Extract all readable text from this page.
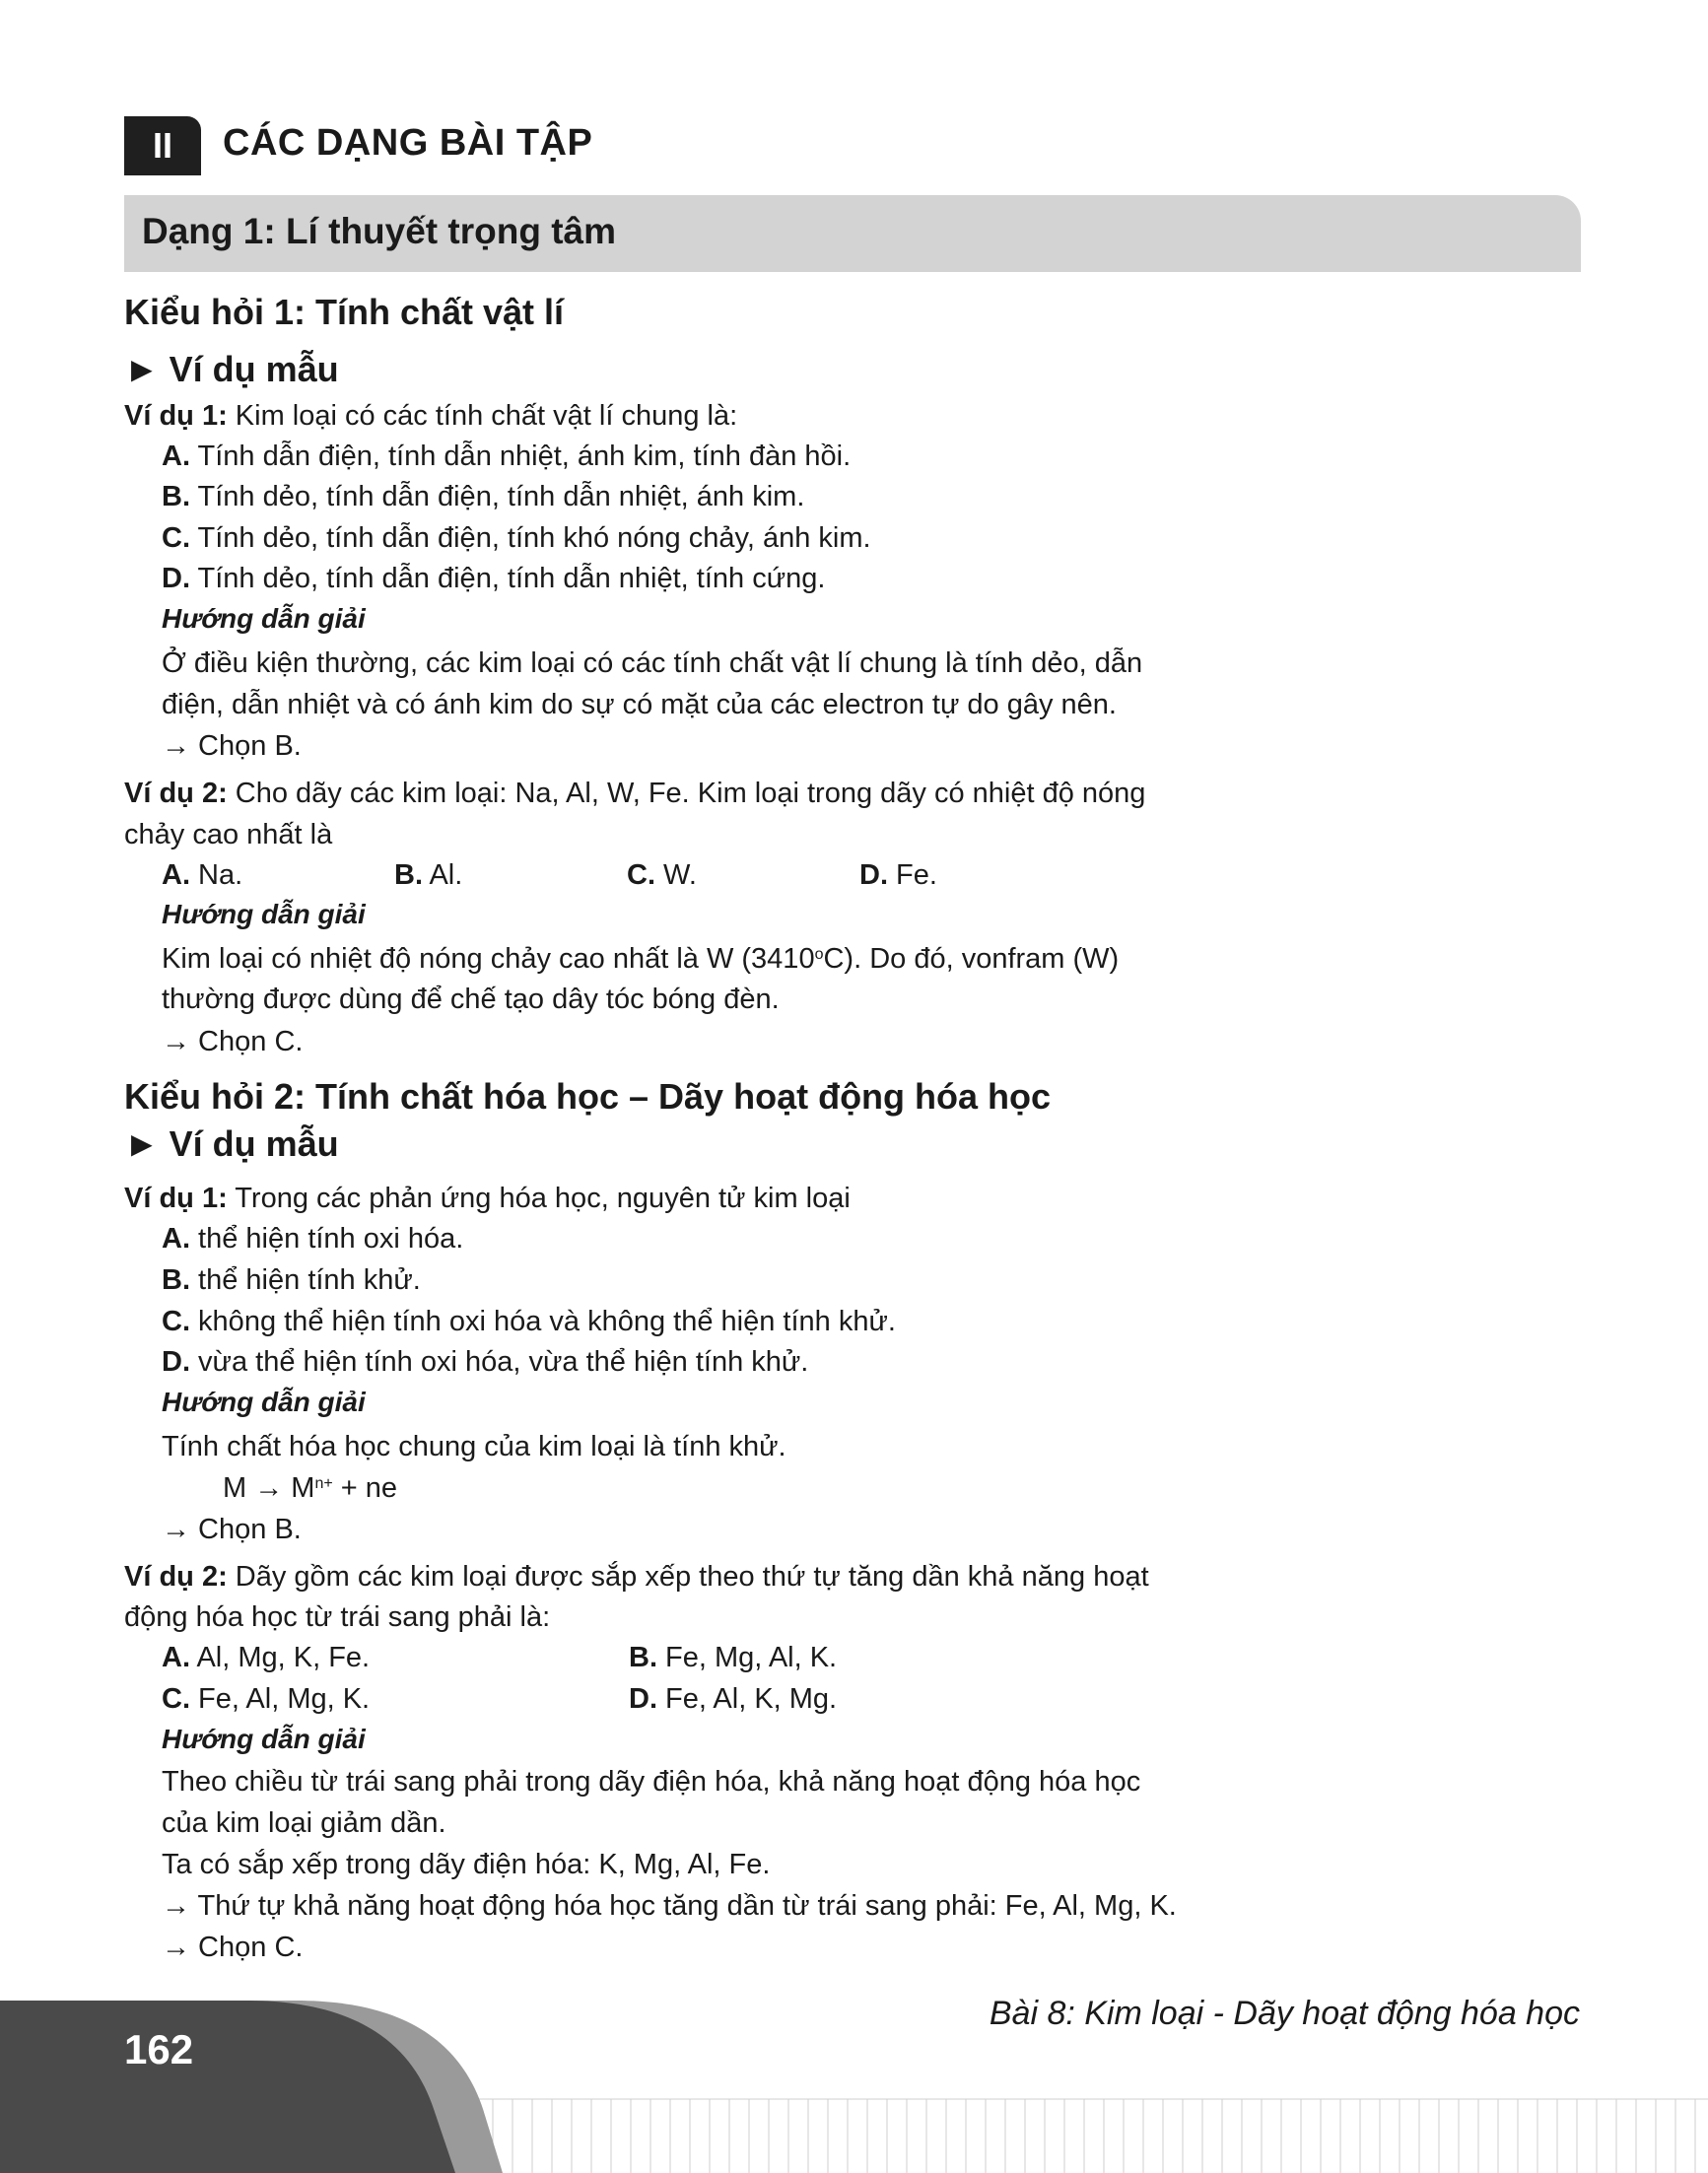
II	CÁC DẠNG BÀI TẬP
Dạng 1: Lí thuyết trọng tâm
Kiểu hỏi 1: Tính chất vật lí
► Ví dụ mẫu
Ví dụ 1: Kim loại có các tính chất vật lí chung là:
A. Tính dẫn điện, tính dẫn nhiệt, ánh kim, tính đàn hồi.
B. Tính dẻo, tính dẫn điện, tính dẫn nhiệt, ánh kim.
C. Tính dẻo, tính dẫn điện, tính khó nóng chảy, ánh kim.
D. Tính dẻo, tính dẫn điện, tính dẫn nhiệt, tính cứng.
Hướng dẫn giải
Ở điều kiện thường, các kim loại có các tính chất vật lí chung là tính dẻo, dẫn
điện, dẫn nhiệt và có ánh kim do sự có mặt của các electron tự do gây nên.
→ Chọn B.
Ví dụ 2: Cho dãy các kim loại: Na, Al, W, Fe. Kim loại trong dãy có nhiệt độ nóng
chảy cao nhất là
A. Na.	B. Al.	C. W.	D. Fe.
Hướng dẫn giải
Kim loại có nhiệt độ nóng chảy cao nhất là W (3410$^o$C). Do đó, vonfram (W)
thường được dùng để chế tạo dây tóc bóng đèn.
→ Chọn C.
Kiểu hỏi 2: Tính chất hóa học – Dãy hoạt động hóa học
► Ví dụ mẫu
Ví dụ 1: Trong các phản ứng hóa học, nguyên tử kim loại
A. thể hiện tính oxi hóa.
B. thể hiện tính khử.
C. không thể hiện tính oxi hóa và không thể hiện tính khử.
D. vừa thể hiện tính oxi hóa, vừa thể hiện tính khử.
Hướng dẫn giải
Tính chất hóa học chung của kim loại là tính khử.
$M \to M^{n+}$ + ne
→ Chọn B.
Ví dụ 2: Dãy gồm các kim loại được sắp xếp theo thứ tự tăng dần khả năng hoạt
động hóa học từ trái sang phải là:
A. Al, Mg, K, Fe.	B. Fe, Mg, Al, K.
C. Fe, Al, Mg, K.	D. Fe, Al, K, Mg.
Hướng dẫn giải
Theo chiều từ trái sang phải trong dãy điện hóa, khả năng hoạt động hóa học
của kim loại giảm dần.
Ta có sắp xếp trong dãy điện hóa: K, Mg, Al, Fe.
→ Thứ tự khả năng hoạt động hóa học tăng dần từ trái sang phải: Fe, Al, Mg, K.
→ Chọn C.
Bài 8: Kim loại - Dãy hoạt động hóa học
162
